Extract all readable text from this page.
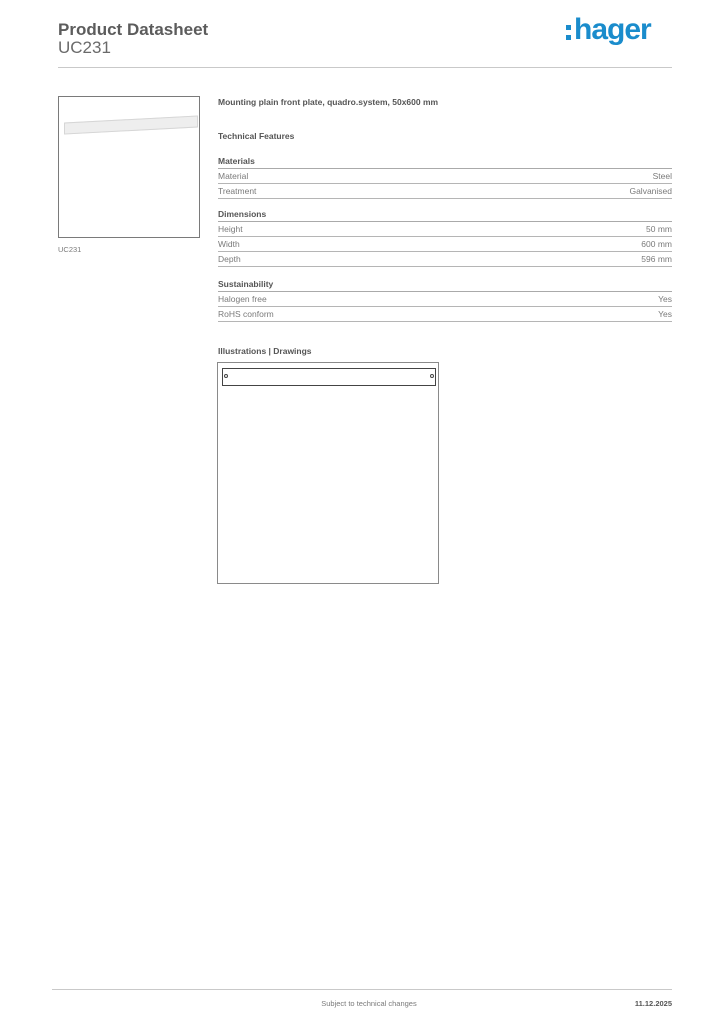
Product Datasheet
UC231
hager
UC231
Mounting plain front plate, quadro.system, 50x600 mm
Technical Features
Materials
Material	Steel
Treatment	Galvanised
Dimensions
Height	50 mm
Width	600 mm
Depth	596 mm
Sustainability
Halogen free	Yes
RoHS conform	Yes
Illustrations | Drawings
Subject to technical changes	11.12.2025
